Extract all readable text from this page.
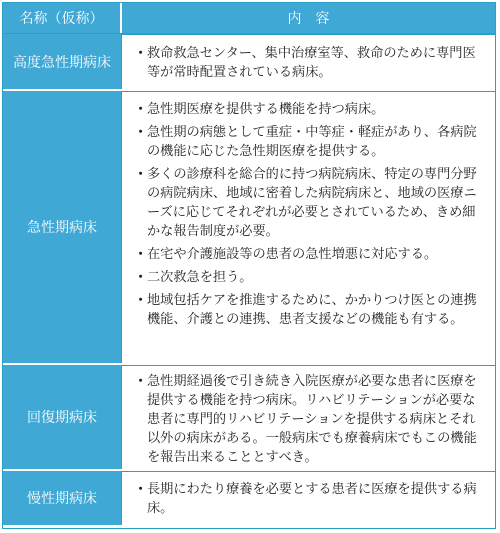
名称（仮称）	内容
高度急性期病床
・ 救命救急センター、集中治療室等、救命のために専門医等が常時配置されている病床。
急性期病床
・ 急性期医療を提供する機能を持つ病床。
・ 急性期の病態として重症・中等症・軽症があり、各病院の機能に応じた急性期医療を提供する。
・ 多くの診療科を総合的に持つ病院病床、特定の専門分野の病院病床、地域に密着した病院病床と、地域の医療ニーズに応じてそれぞれが必要とされているため、きめ細かな報告制度が必要。
・ 在宅や介護施設等の患者の急性増悪に対応する。
・ 二次救急を担う。
・ 地域包括ケアを推進するために、かかりつけ医との連携機能、介護との連携、患者支援などの機能も有する。
回復期病床
・ 急性期経過後で引き続き入院医療が必要な患者に医療を提供する機能を持つ病床。リハビリテーションが必要な患者に専門的リハビリテーションを提供する病床とそれ以外の病床がある。一般病床でも療養病床でもこの機能を報告出来ることとすべき。
慢性期病床
・ 長期にわたり療養を必要とする患者に医療を提供する病床。
